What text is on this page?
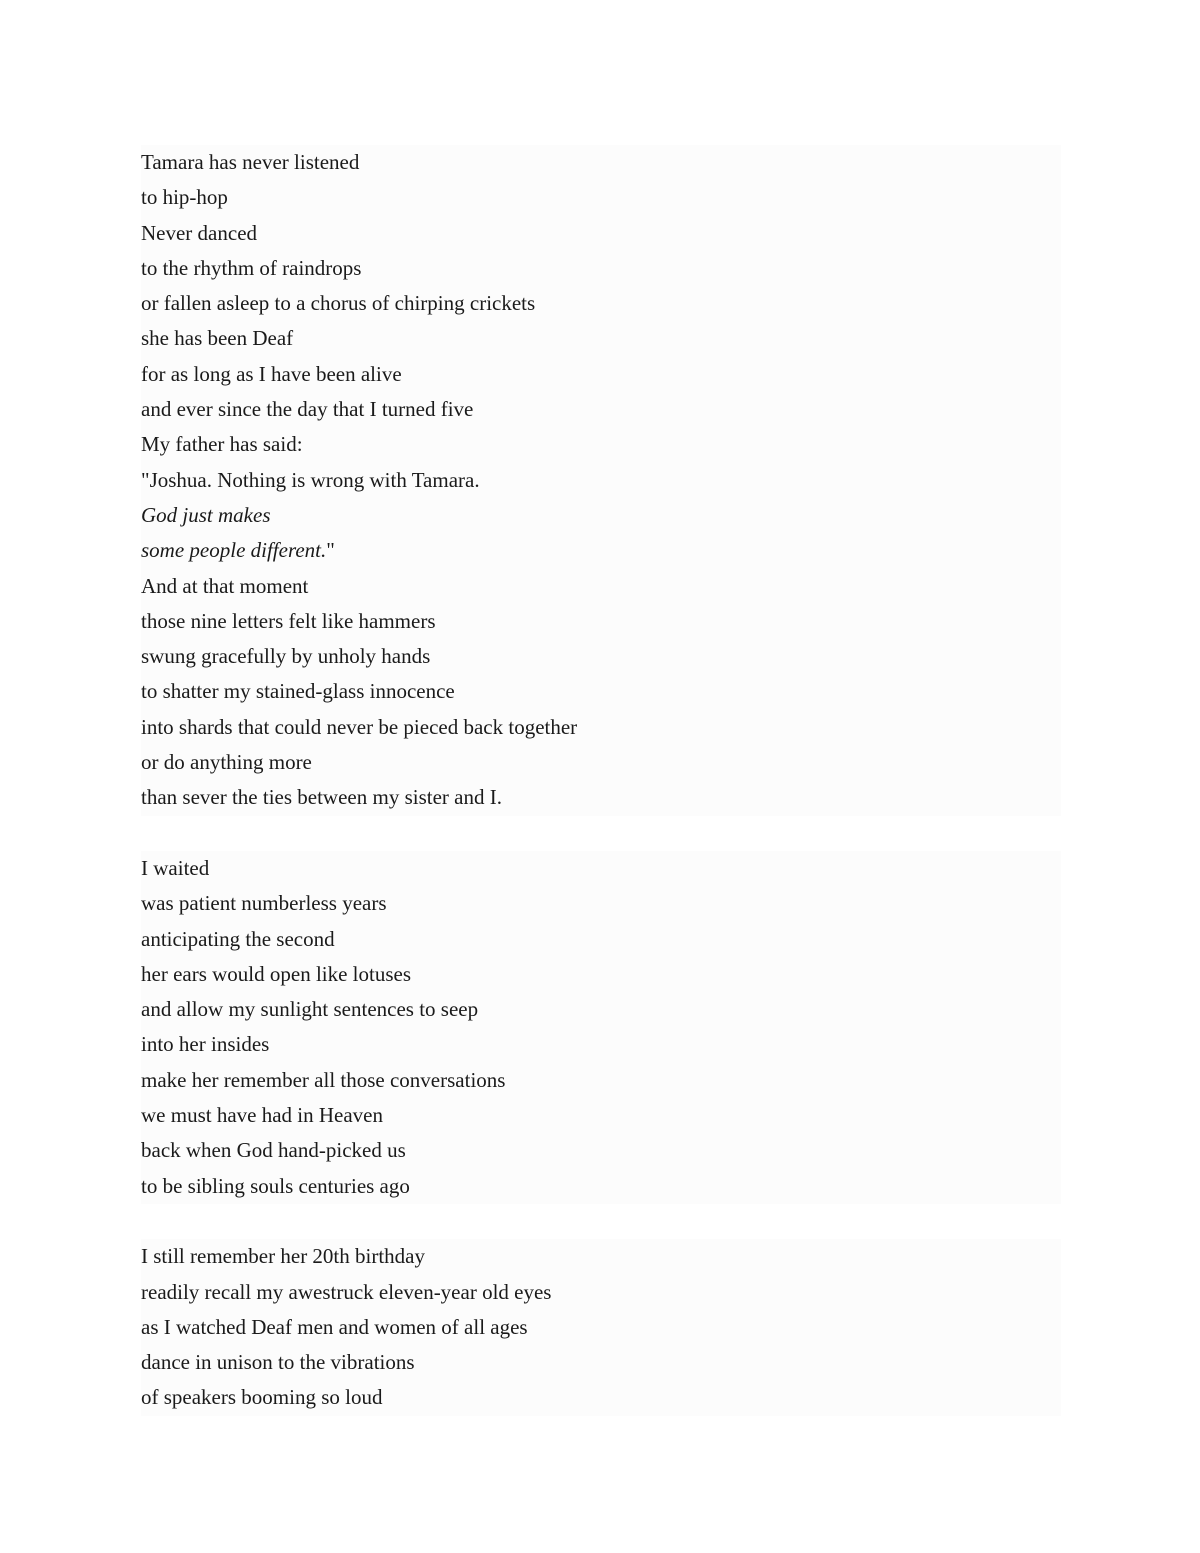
Tamara has never listened
to hip-hop
Never danced
to the rhythm of raindrops
or fallen asleep to a chorus of chirping crickets
she has been Deaf
for as long as I have been alive
and ever since the day that I turned five
My father has said:
"Joshua. Nothing is wrong with Tamara.
God just makes
some people different."
And at that moment
those nine letters felt like hammers
swung gracefully by unholy hands
to shatter my stained-glass innocence
into shards that could never be pieced back together
or do anything more
than sever the ties between my sister and I.
I waited
was patient numberless years
anticipating the second
her ears would open like lotuses
and allow my sunlight sentences to seep
into her insides
make her remember all those conversations
we must have had in Heaven
back when God hand-picked us
to be sibling souls centuries ago
I still remember her 20th birthday
readily recall my awestruck eleven-year old eyes
as I watched Deaf men and women of all ages
dance in unison to the vibrations
of speakers booming so loud
